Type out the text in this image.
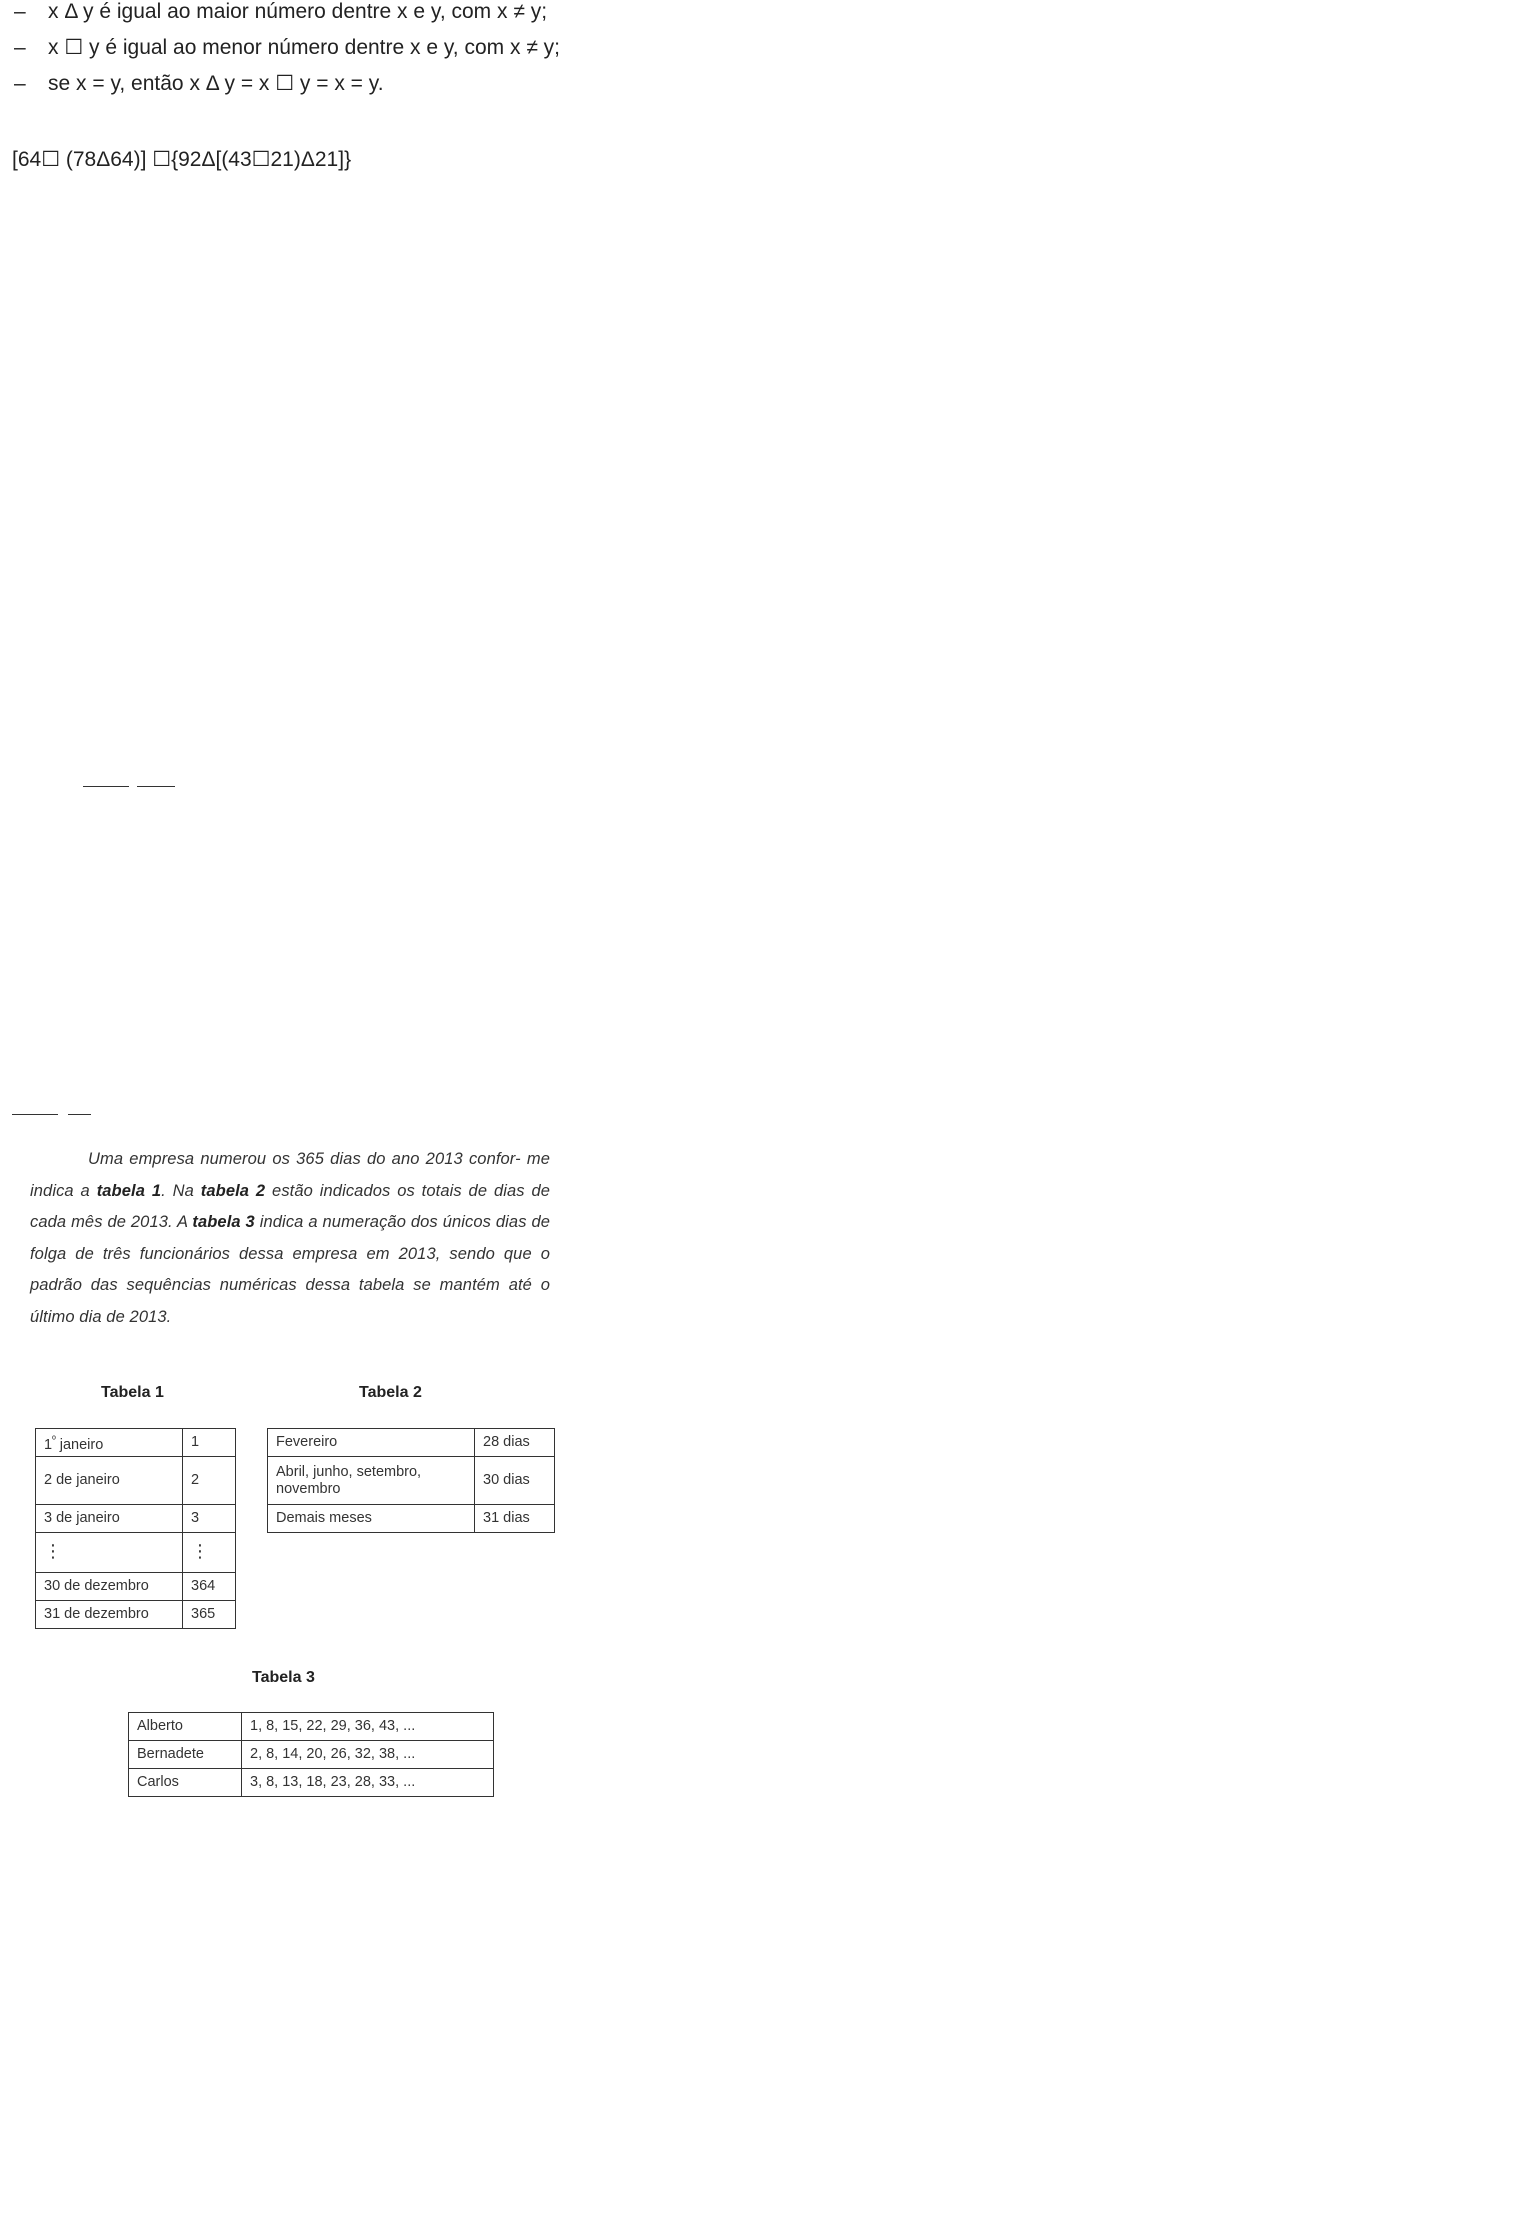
–	x Δ y é igual ao maior número dentre x e y, com x ≠ y;
–	x ☐ y é igual ao menor número dentre x e y, com x ≠ y;
–	se x = y, então x Δ y = x ☐ y = x = y.
[64☐ (78Δ64)] ☐{92Δ[(43☐21)Δ21]}
Uma empresa numerou os 365 dias do ano 2013 confor- me indica a tabela 1. Na tabela 2 estão indicados os totais de dias de cada mês de 2013. A tabela 3 indica a numeração dos únicos dias de folga de três funcionários dessa empresa em 2013, sendo que o padrão das sequências numéricas dessa tabela se mantém até o último dia de 2013.
Tabela 1
$1^º$ janeiro	1
2 de janeiro	2
3 de janeiro	3
⋮	⋮
30 de dezembro	364
31 de dezembro	365
Tabela 2
Fevereiro	28 dias
Abril, junho, setembro, novembro	30 dias
Demais meses	31 dias
Tabela 3
Alberto	1, 8, 15, 22, 29, 36, 43, ...
Bernadete	2, 8, 14, 20, 26, 32, 38, ...
Carlos	3, 8, 13, 18, 23, 28, 33, ...
